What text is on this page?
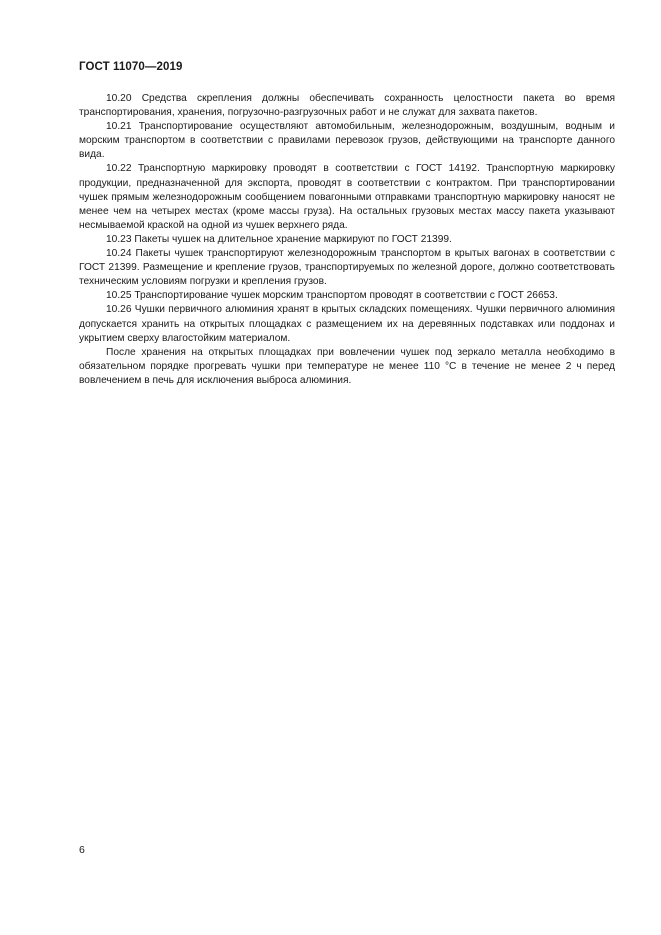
ГОСТ 11070—2019

10.20 Средства скрепления должны обеспечивать сохранность целостности пакета во время транспортирования, хранения, погрузочно-разгрузочных работ и не служат для захвата пакетов.

10.21 Транспортирование осуществляют автомобильным, железнодорожным, воздушным, водным и морским транспортом в соответствии с правилами перевозок грузов, действующими на транспорте данного вида.

10.22 Транспортную маркировку проводят в соответствии с ГОСТ 14192. Транспортную маркировку продукции, предназначенной для экспорта, проводят в соответствии с контрактом. При транспортировании чушек прямым железнодорожным сообщением повагонными отправками транспортную маркировку наносят не менее чем на четырех местах (кроме массы груза). На остальных грузовых местах массу пакета указывают несмываемой краской на одной из чушек верхнего ряда.

10.23 Пакеты чушек на длительное хранение маркируют по ГОСТ 21399.

10.24 Пакеты чушек транспортируют железнодорожным транспортом в крытых вагонах в соответствии с ГОСТ 21399. Размещение и крепление грузов, транспортируемых по железной дороге, должно соответствовать техническим условиям погрузки и крепления грузов.

10.25 Транспортирование чушек морским транспортом проводят в соответствии с ГОСТ 26653.

10.26 Чушки первичного алюминия хранят в крытых складских помещениях. Чушки первичного алюминия допускается хранить на открытых площадках с размещением их на деревянных подставках или поддонах и укрытием сверху влагостойким материалом.

После хранения на открытых площадках при вовлечении чушек под зеркало металла необходимо в обязательном порядке прогревать чушки при температуре не менее 110 °С в течение не менее 2 ч перед вовлечением в печь для исключения выброса алюминия.

6
